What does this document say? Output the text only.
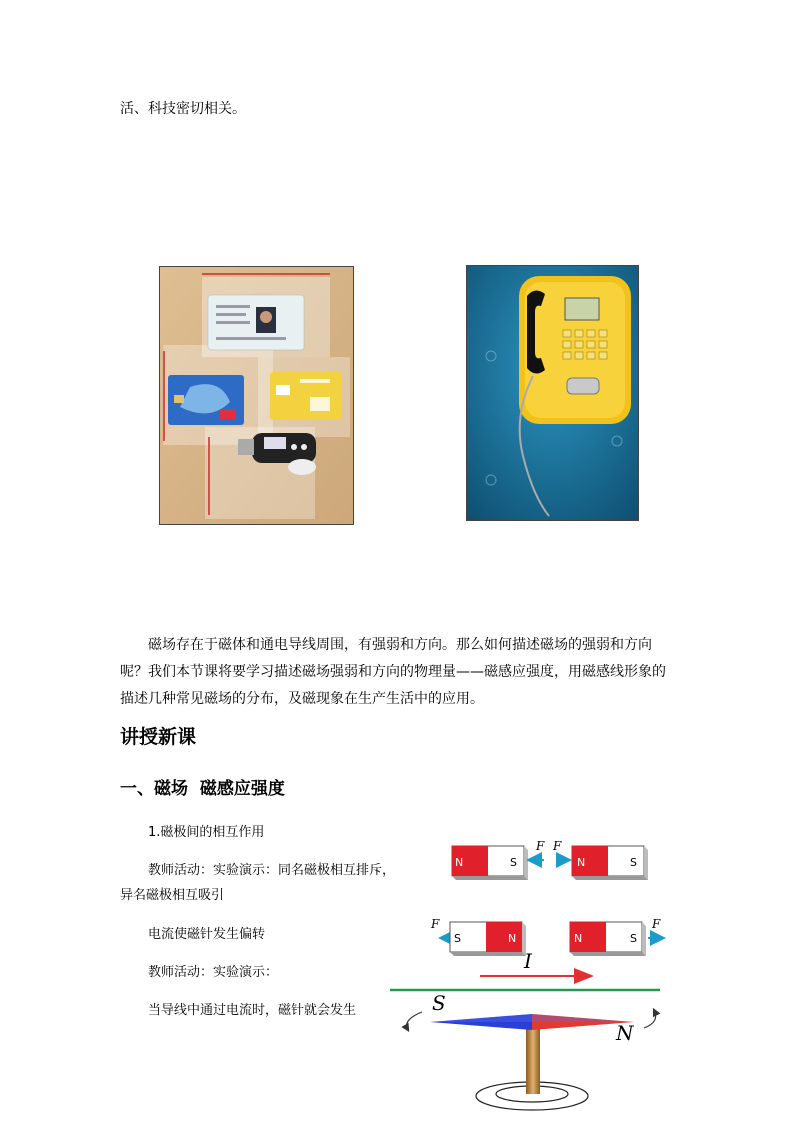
活、科技密切相关。
磁场存在于磁体和通电导线周围，有强弱和方向。那么如何描述磁场的强弱和方向呢？我们本节课将要学习描述磁场强弱和方向的物理量——磁感应强度，用磁感线形象的描述几种常见磁场的分布，及磁现象在生产生活中的应用。
讲授新课
一、磁场  磁感应强度
1.磁极间的相互作用
教师活动：实验演示：同名磁极相互排斥，
异名磁极相互吸引
电流使磁针发生偏转
教师活动：实验演示：
当导线中通过电流时，磁针就会发生
N	S
F F
N	S
F
S	N	N	S
F
I
S
N
